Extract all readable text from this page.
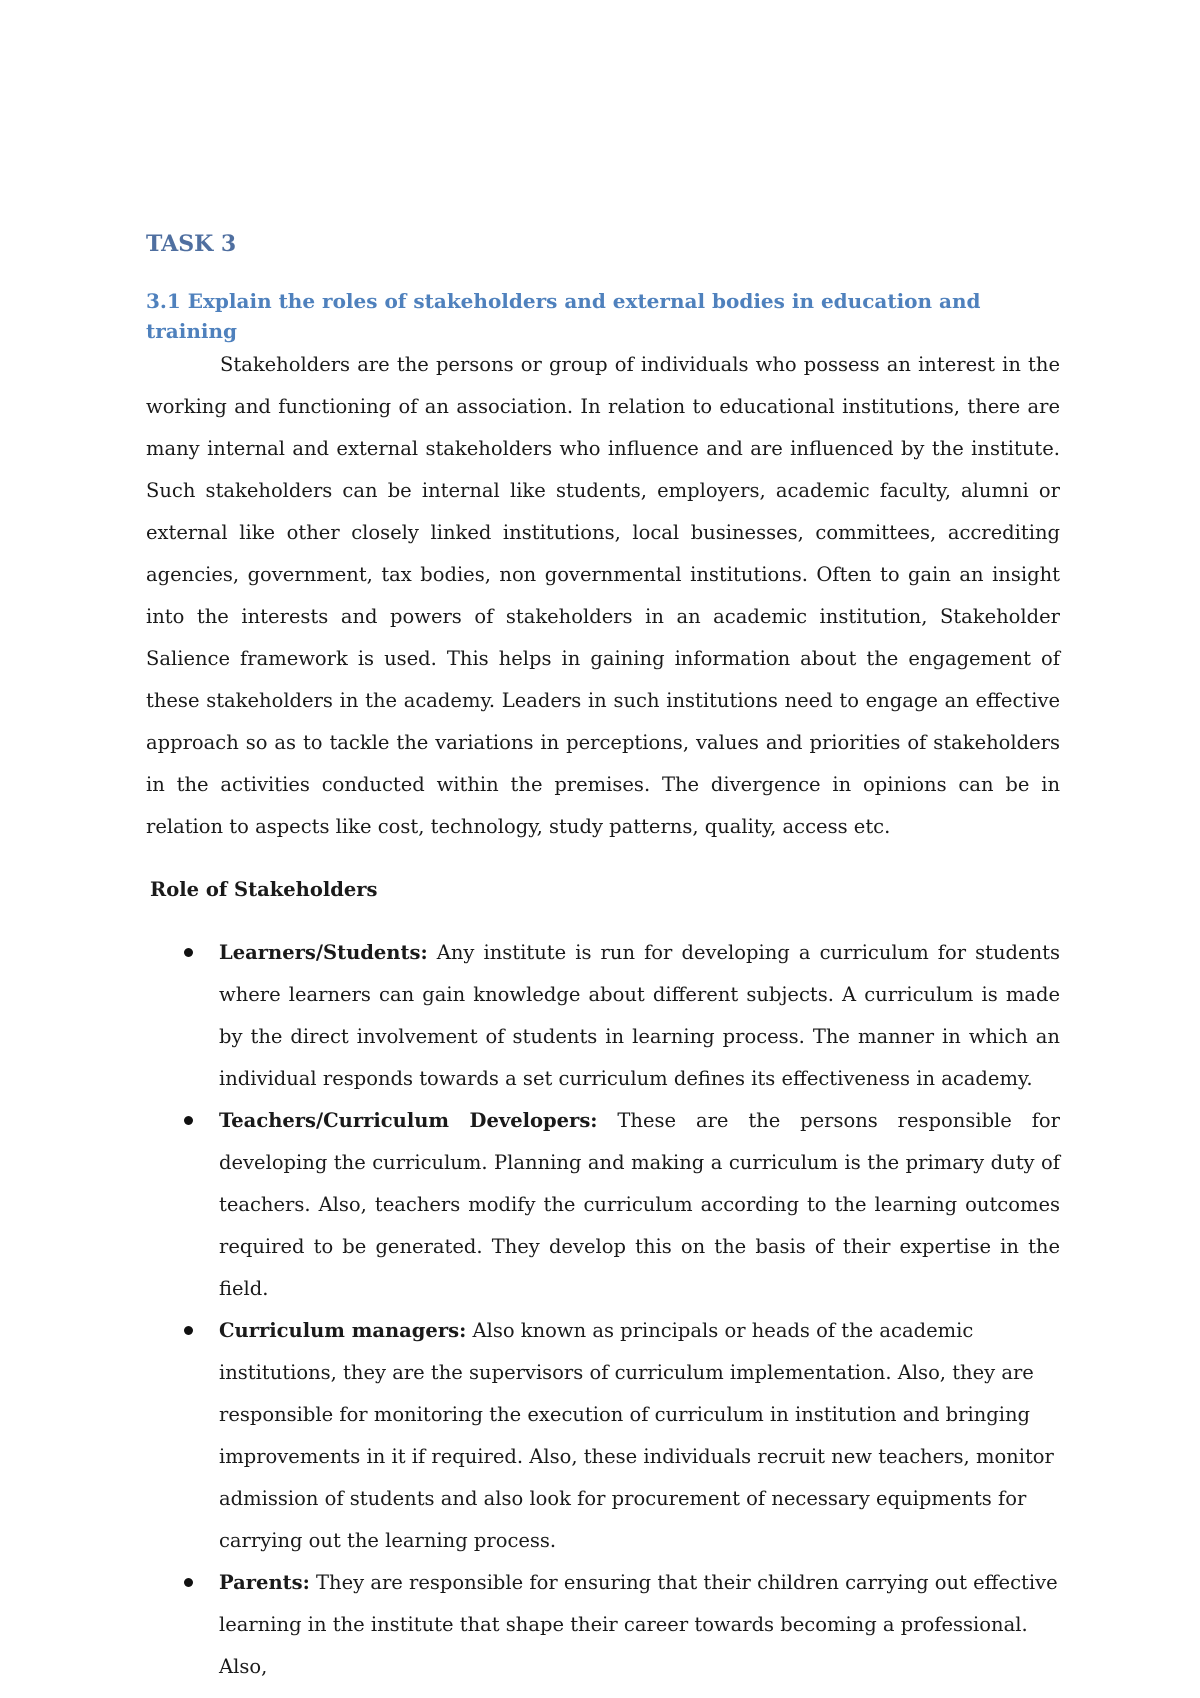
TASK 3
3.1 Explain the roles of stakeholders and external bodies in education and training

Stakeholders are the persons or group of individuals who possess an interest in the working and functioning of an association. In relation to educational institutions, there are many internal and external stakeholders who influence and are influenced by the institute. Such stakeholders can be internal like students, employers, academic faculty, alumni or external like other closely linked institutions, local businesses, committees, accrediting agencies, government, tax bodies, non governmental institutions. Often to gain an insight into the interests and powers of stakeholders in an academic institution, Stakeholder Salience framework is used. This helps in gaining information about the engagement of these stakeholders in the academy. Leaders in such institutions need to engage an effective approach so as to tackle the variations in perceptions, values and priorities of stakeholders in the activities conducted within the premises. The divergence in opinions can be in relation to aspects like cost, technology, study patterns, quality, access etc.

Role of Stakeholders
Learners/Students: Any institute is run for developing a curriculum for students where learners can gain knowledge about different subjects. A curriculum is made by the direct involvement of students in learning process. The manner in which an individual responds towards a set curriculum defines its effectiveness in academy.
Teachers/Curriculum Developers: These are the persons responsible for developing the curriculum. Planning and making a curriculum is the primary duty of teachers. Also, teachers modify the curriculum according to the learning outcomes required to be generated. They develop this on the basis of their expertise in the field.
Curriculum managers: Also known as principals or heads of the academic institutions, they are the supervisors of curriculum implementation. Also, they are responsible for monitoring the execution of curriculum in institution and bringing improvements in it if required. Also, these individuals recruit new teachers, monitor admission of students and also look for procurement of necessary equipments for carrying out the learning process.
Parents: They are responsible for ensuring that their children carrying out effective learning in the institute that shape their career towards becoming a professional. Also,
